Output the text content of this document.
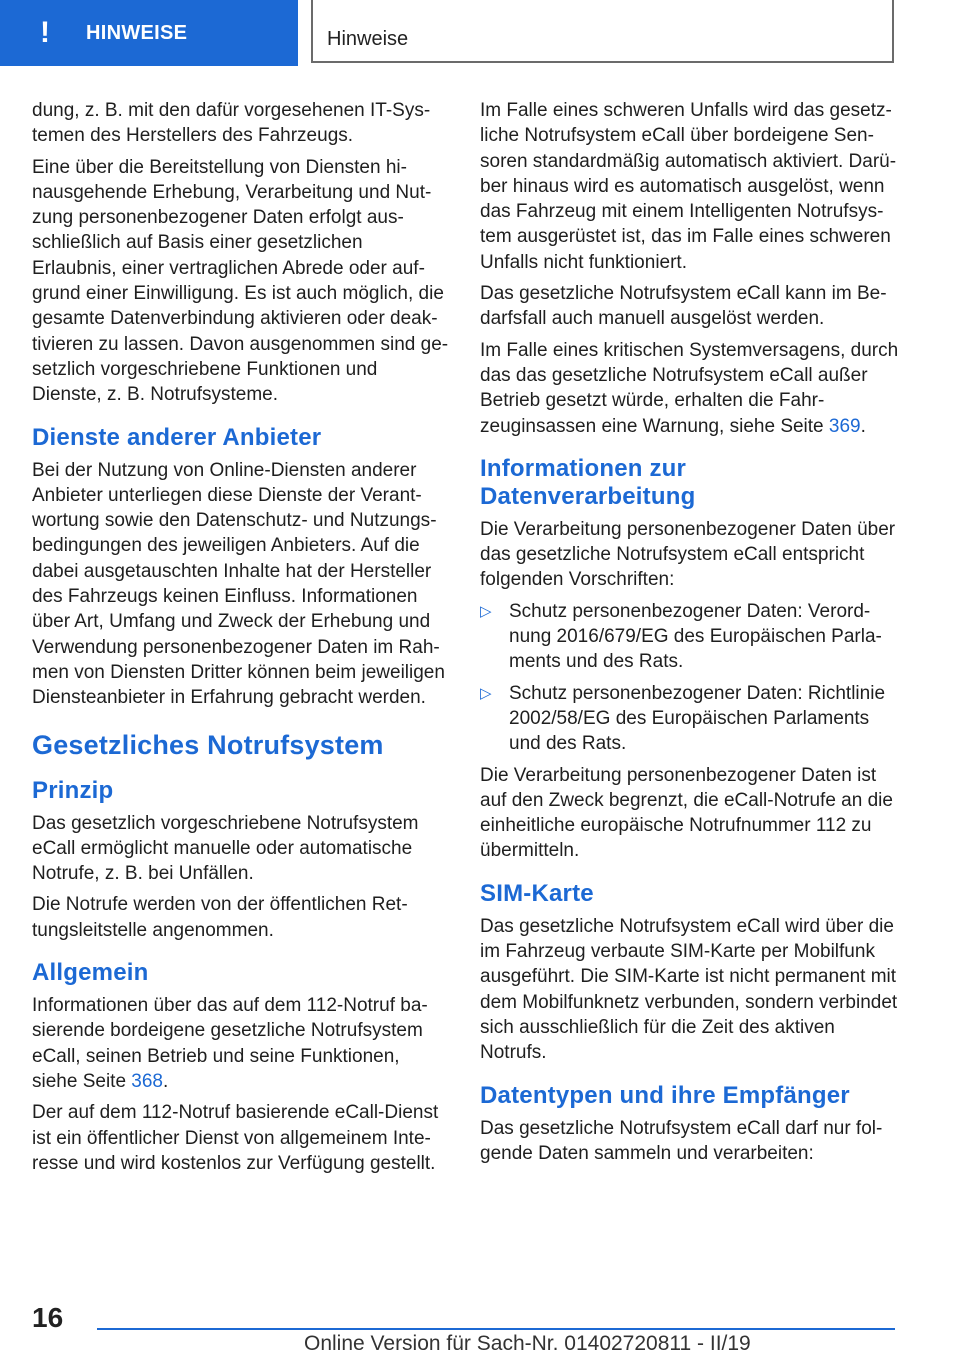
!	HINWEISE	Hinweise

dung, z. B. mit den dafür vorgesehenen IT-Systemen des Herstellers des Fahrzeugs.

Eine über die Bereitstellung von Diensten hinausgehende Erhebung, Verarbeitung und Nutzung personenbezogener Daten erfolgt ausschließlich auf Basis einer gesetzlichen Erlaubnis, einer vertraglichen Abrede oder aufgrund einer Einwilligung. Es ist auch möglich, die gesamte Datenverbindung aktivieren oder deaktivieren zu lassen. Davon ausgenommen sind gesetzlich vorgeschriebene Funktionen und Dienste, z. B. Notrufsysteme.

Dienste anderer Anbieter

Bei der Nutzung von Online-Diensten anderer Anbieter unterliegen diese Dienste der Verantwortung sowie den Datenschutz- und Nutzungsbedingungen des jeweiligen Anbieters. Auf die dabei ausgetauschten Inhalte hat der Hersteller des Fahrzeugs keinen Einfluss. Informationen über Art, Umfang und Zweck der Erhebung und Verwendung personenbezogener Daten im Rahmen von Diensten Dritter können beim jeweiligen Diensteanbieter in Erfahrung gebracht werden.

Gesetzliches Notrufsystem
Prinzip

Das gesetzlich vorgeschriebene Notrufsystem eCall ermöglicht manuelle oder automatische Notrufe, z. B. bei Unfällen.

Die Notrufe werden von der öffentlichen Rettungsleitstelle angenommen.

Allgemein

Informationen über das auf dem 112-Notruf basierende bordeigene gesetzliche Notrufsystem eCall, seinen Betrieb und seine Funktionen, siehe Seite 368.

Der auf dem 112-Notruf basierende eCall-Dienst ist ein öffentlicher Dienst von allgemeinem Interesse und wird kostenlos zur Verfügung gestellt.

Im Falle eines schweren Unfalls wird das gesetzliche Notrufsystem eCall über bordeigene Sensoren standardmäßig automatisch aktiviert. Darüber hinaus wird es automatisch ausgelöst, wenn das Fahrzeug mit einem Intelligenten Notrufsystem ausgerüstet ist, das im Falle eines schweren Unfalls nicht funktioniert.

Das gesetzliche Notrufsystem eCall kann im Bedarfsfall auch manuell ausgelöst werden.

Im Falle eines kritischen Systemversagens, durch das das gesetzliche Notrufsystem eCall außer Betrieb gesetzt würde, erhalten die Fahrzeuginsassen eine Warnung, siehe Seite 369.

Informationen zur Datenverarbeitung

Die Verarbeitung personenbezogener Daten über das gesetzliche Notrufsystem eCall entspricht folgenden Vorschriften:

▷ Schutz personenbezogener Daten: Verordnung 2016/679/EG des Europäischen Parlaments und des Rats.
▷ Schutz personenbezogener Daten: Richtlinie 2002/58/EG des Europäischen Parlaments und des Rats.

Die Verarbeitung personenbezogener Daten ist auf den Zweck begrenzt, die eCall-Notrufe an die einheitliche europäische Notrufnummer 112 zu übermitteln.

SIM-Karte

Das gesetzliche Notrufsystem eCall wird über die im Fahrzeug verbaute SIM-Karte per Mobilfunk ausgeführt. Die SIM-Karte ist nicht permanent mit dem Mobilfunknetz verbunden, sondern verbindet sich ausschließlich für die Zeit des aktiven Notrufs.

Datentypen und ihre Empfänger

Das gesetzliche Notrufsystem eCall darf nur folgende Daten sammeln und verarbeiten:

16
Online Version für Sach-Nr. 01402720811 - II/19
